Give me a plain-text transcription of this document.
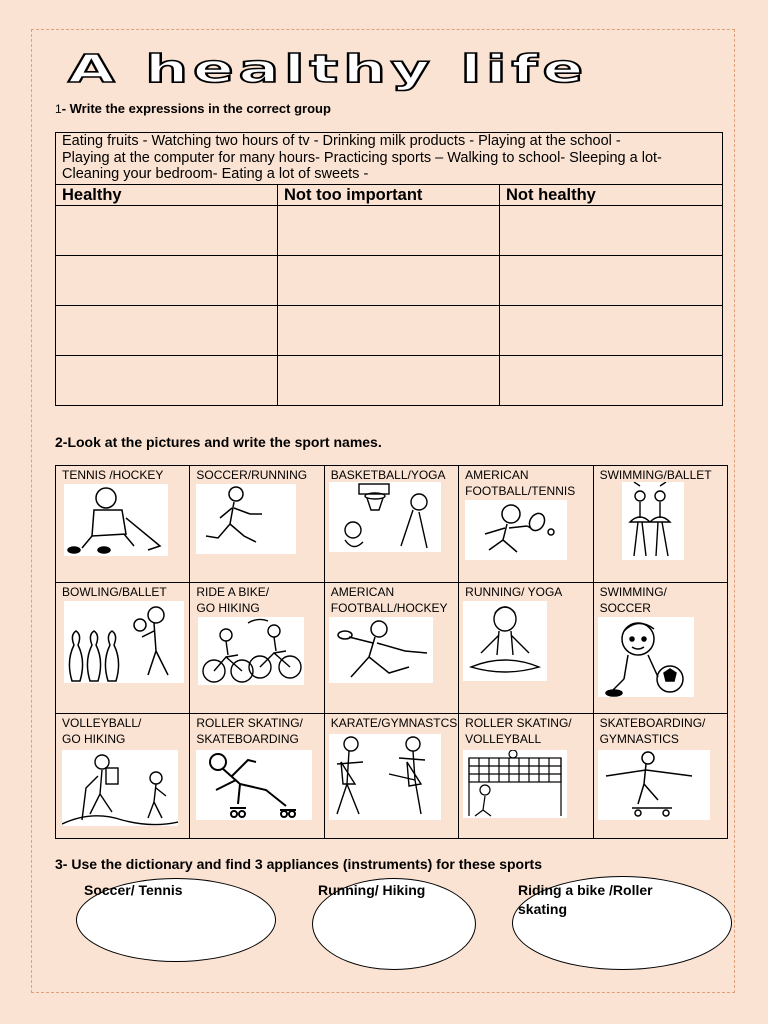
A healthy life
1- Write the expressions in the correct group
Eating fruits - Watching two hours of tv - Drinking milk products - Playing at the school -
Playing at the computer for many hours- Practicing sports – Walking to school- Sleeping a lot-
Cleaning your bedroom- Eating a lot of sweets -		

Healthy	Not too important	Not healthy

2-Look at the pictures and write the sport names.
TENNIS /HOCKEY	SOCCER/RUNNING	BASKETBALL/YOGA	AMERICAN
FOOTBALL/TENNIS	SWIMMING/BALLET

BOWLING/BALLET	RIDE A BIKE/
GO HIKING	AMERICAN
FOOTBALL/HOCKEY	RUNNING/ YOGA	SWIMMING/
SOCCER

VOLLEYBALL/
GO HIKING	ROLLER SKATING/
SKATEBOARDING	KARATE/GYMNASTCS	ROLLER SKATING/
VOLLEYBALL	SKATEBOARDING/
GYMNASTICS
3- Use the dictionary and find 3 appliances (instruments) for these sports
Soccer/ Tennis	Running/ Hiking	Riding a bike /Roller skating
